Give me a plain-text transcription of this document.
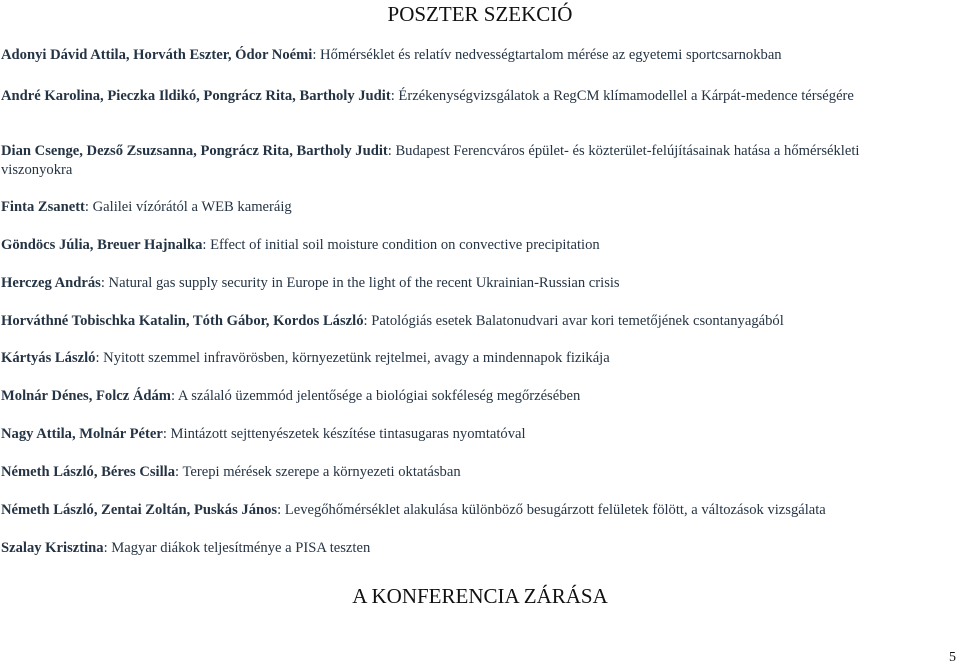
POSZTER SZEKCIÓ
Adonyi Dávid Attila, Horváth Eszter, Ódor Noémi: Hőmérséklet és relatív nedvességtartalom mérése az egyetemi sportcsarnokban
André Karolina, Pieczka Ildikó, Pongrácz Rita, Bartholy Judit: Érzékenységvizsgálatok a RegCM klímamodellel a Kárpát-medence térségére
Dian Csenge, Dezső Zsuzsanna, Pongrácz Rita, Bartholy Judit: Budapest Ferencváros épület- és közterület-felújításainak hatása a hőmérsékleti viszonyokra
Finta Zsanett: Galilei vízórától a WEB kameráig
Göndöcs Júlia, Breuer Hajnalka: Effect of initial soil moisture condition on convective precipitation
Herczeg András: Natural gas supply security in Europe in the light of the recent Ukrainian-Russian crisis
Horváthné Tobischka Katalin, Tóth Gábor, Kordos László: Patológiás esetek Balatonudvari avar kori temetőjének csontanyagából
Kártyás László: Nyitott szemmel infravörösben, környezetünk rejtelmei, avagy a mindennapok fizikája
Molnár Dénes, Folcz Ádám: A szálaló üzemmód jelentősége a biológiai sokféleség megőrzésében
Nagy Attila, Molnár Péter: Mintázott sejttenyészetek készítése tintasugaras nyomtatóval
Németh László, Béres Csilla: Terepi mérések szerepe a környezeti oktatásban
Németh László, Zentai Zoltán, Puskás János: Levegőhőmérséklet alakulása különböző besugárzott felületek fölött, a változások vizsgálata
Szalay Krisztina: Magyar diákok teljesítménye a PISA teszten
A KONFERENCIA ZÁRÁSA
5
